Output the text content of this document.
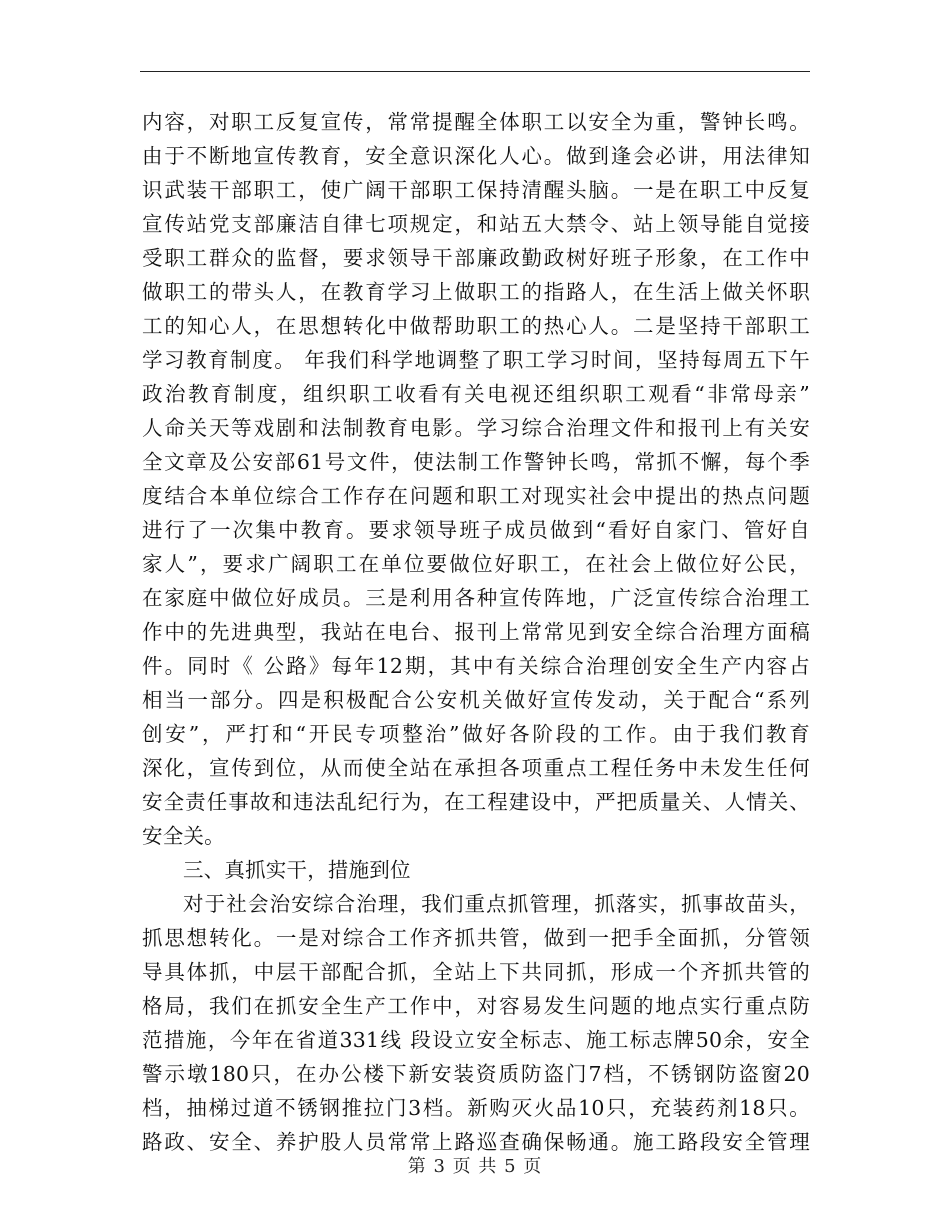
内容，对职工反复宣传，常常提醒全体职工以安全为重，警钟长鸣。
由于不断地宣传教育，安全意识深化人心。做到逢会必讲，用法律知
识武装干部职工，使广阔干部职工保持清醒头脑。一是在职工中反复
宣传站党支部廉洁自律七项规定，和站五大禁令、站上领导能自觉接
受职工群众的监督，要求领导干部廉政勤政树好班子形象，在工作中
做职工的带头人，在教育学习上做职工的指路人，在生活上做关怀职
工的知心人，在思想转化中做帮助职工的热心人。二是坚持干部职工
学习教育制度。 年我们科学地调整了职工学习时间，坚持每周五下午
政治教育制度，组织职工收看有关电视还组织职工观看“非常母亲”
人命关天等戏剧和法制教育电影。学习综合治理文件和报刊上有关安
全文章及公安部61号文件，使法制工作警钟长鸣，常抓不懈，每个季
度结合本单位综合工作存在问题和职工对现实社会中提出的热点问题
进行了一次集中教育。要求领导班子成员做到“看好自家门、管好自
家人”，要求广阔职工在单位要做位好职工，在社会上做位好公民，
在家庭中做位好成员。三是利用各种宣传阵地，广泛宣传综合治理工
作中的先进典型，我站在电台、报刊上常常见到安全综合治理方面稿
件。同时《 公路》每年12期，其中有关综合治理创安全生产内容占
相当一部分。四是积极配合公安机关做好宣传发动，关于配合“系列
创安”，严打和“开民专项整治”做好各阶段的工作。由于我们教育
深化，宣传到位，从而使全站在承担各项重点工程任务中未发生任何
安全责任事故和违法乱纪行为，在工程建设中，严把质量关、人情关、
安全关。
三、真抓实干，措施到位
对于社会治安综合治理，我们重点抓管理，抓落实，抓事故苗头，
抓思想转化。一是对综合工作齐抓共管，做到一把手全面抓，分管领
导具体抓，中层干部配合抓，全站上下共同抓，形成一个齐抓共管的
格局，我们在抓安全生产工作中，对容易发生问题的地点实行重点防
范措施，今年在省道331线 段设立安全标志、施工标志牌50余，安全
警示墩180只，在办公楼下新安装资质防盗门7档，不锈钢防盗窗20
档，抽梯过道不锈钢推拉门3档。新购灭火品10只，充装药剂18只。
路政、安全、养护股人员常常上路巡查确保畅通。施工路段安全管理
第 3 页 共 5 页
